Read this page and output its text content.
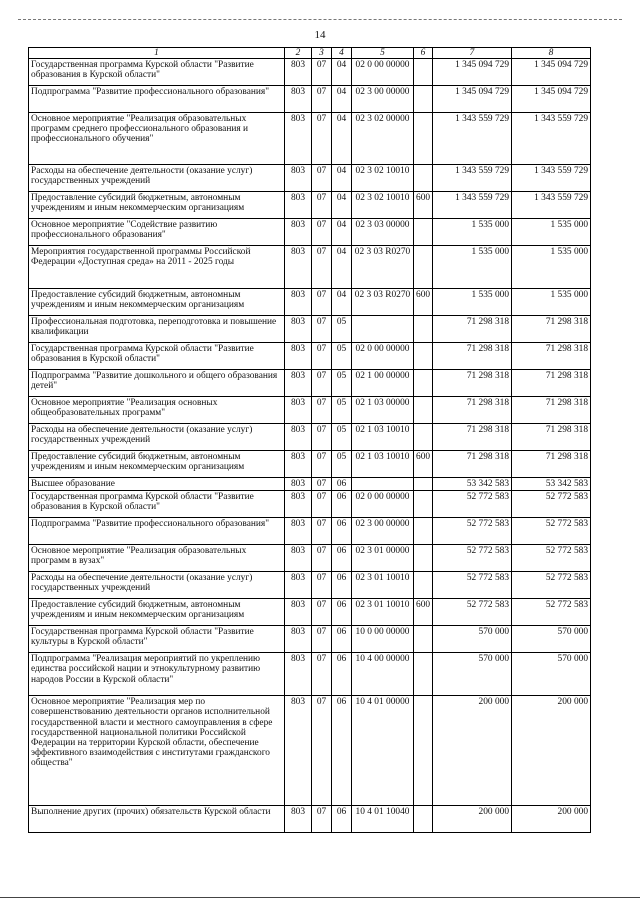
14
1	2	3	4	5	6	7	8
Государственная программа Курской области "Развитие образования в Курской области"	803	07	04	02 0 00 00000		1 345 094 729	1 345 094 729
Подпрограмма "Развитие профессионального образования"	803	07	04	02 3 00 00000		1 345 094 729	1 345 094 729
Основное мероприятие "Реализация образовательных программ среднего профессионального образования и профессионального обучения"	803	07	04	02 3 02 00000		1 343 559 729	1 343 559 729
Расходы на обеспечение деятельности (оказание услуг) государственных учреждений	803	07	04	02 3 02 10010		1 343 559 729	1 343 559 729
Предоставление субсидий бюджетным, автономным учреждениям и иным некоммерческим организациям	803	07	04	02 3 02 10010	600	1 343 559 729	1 343 559 729
Основное мероприятие "Содействие развитию профессионального образования"	803	07	04	02 3 03 00000		1 535 000	1 535 000
Мероприятия государственной программы Российской Федерации «Доступная среда» на 2011 - 2025 годы	803	07	04	02 3 03 R0270		1 535 000	1 535 000
Предоставление субсидий бюджетным, автономным учреждениям и иным некоммерческим организациям	803	07	04	02 3 03 R0270	600	1 535 000	1 535 000
Профессиональная подготовка, переподготовка и повышение квалификации	803	07	05			71 298 318	71 298 318
Государственная программа Курской области "Развитие образования в Курской области"	803	07	05	02 0 00 00000		71 298 318	71 298 318
Подпрограмма "Развитие дошкольного и общего образования детей"	803	07	05	02 1 00 00000		71 298 318	71 298 318
Основное мероприятие "Реализация основных общеобразовательных программ"	803	07	05	02 1 03 00000		71 298 318	71 298 318
Расходы на обеспечение деятельности (оказание услуг) государственных учреждений	803	07	05	02 1 03 10010		71 298 318	71 298 318
Предоставление субсидий бюджетным, автономным учреждениям и иным некоммерческим организациям	803	07	05	02 1 03 10010	600	71 298 318	71 298 318
Высшее образование	803	07	06			53 342 583	53 342 583
Государственная программа Курской области "Развитие образования в Курской области"	803	07	06	02 0 00 00000		52 772 583	52 772 583
Подпрограмма "Развитие профессионального образования"	803	07	06	02 3 00 00000		52 772 583	52 772 583
Основное мероприятие "Реализация образовательных программ в вузах"	803	07	06	02 3 01 00000		52 772 583	52 772 583
Расходы на обеспечение деятельности (оказание услуг) государственных учреждений	803	07	06	02 3 01 10010		52 772 583	52 772 583
Предоставление субсидий бюджетным, автономным учреждениям и иным некоммерческим организациям	803	07	06	02 3 01 10010	600	52 772 583	52 772 583
Государственная программа Курской области "Развитие культуры в Курской области"	803	07	06	10 0 00 00000		570 000	570 000
Подпрограмма "Реализация мероприятий по укреплению единства российской нации и этнокультурному развитию народов России в Курской области"	803	07	06	10 4 00 00000		570 000	570 000
Основное мероприятие "Реализация мер по совершенствованию деятельности органов исполнительной государственной власти и местного самоуправления в сфере государственной национальной политики Российской Федерации на территории Курской области, обеспечение эффективного взаимодействия с институтами гражданского общества"	803	07	06	10 4 01 00000		200 000	200 000
Выполнение других (прочих) обязательств Курской области	803	07	06	10 4 01 10040		200 000	200 000
